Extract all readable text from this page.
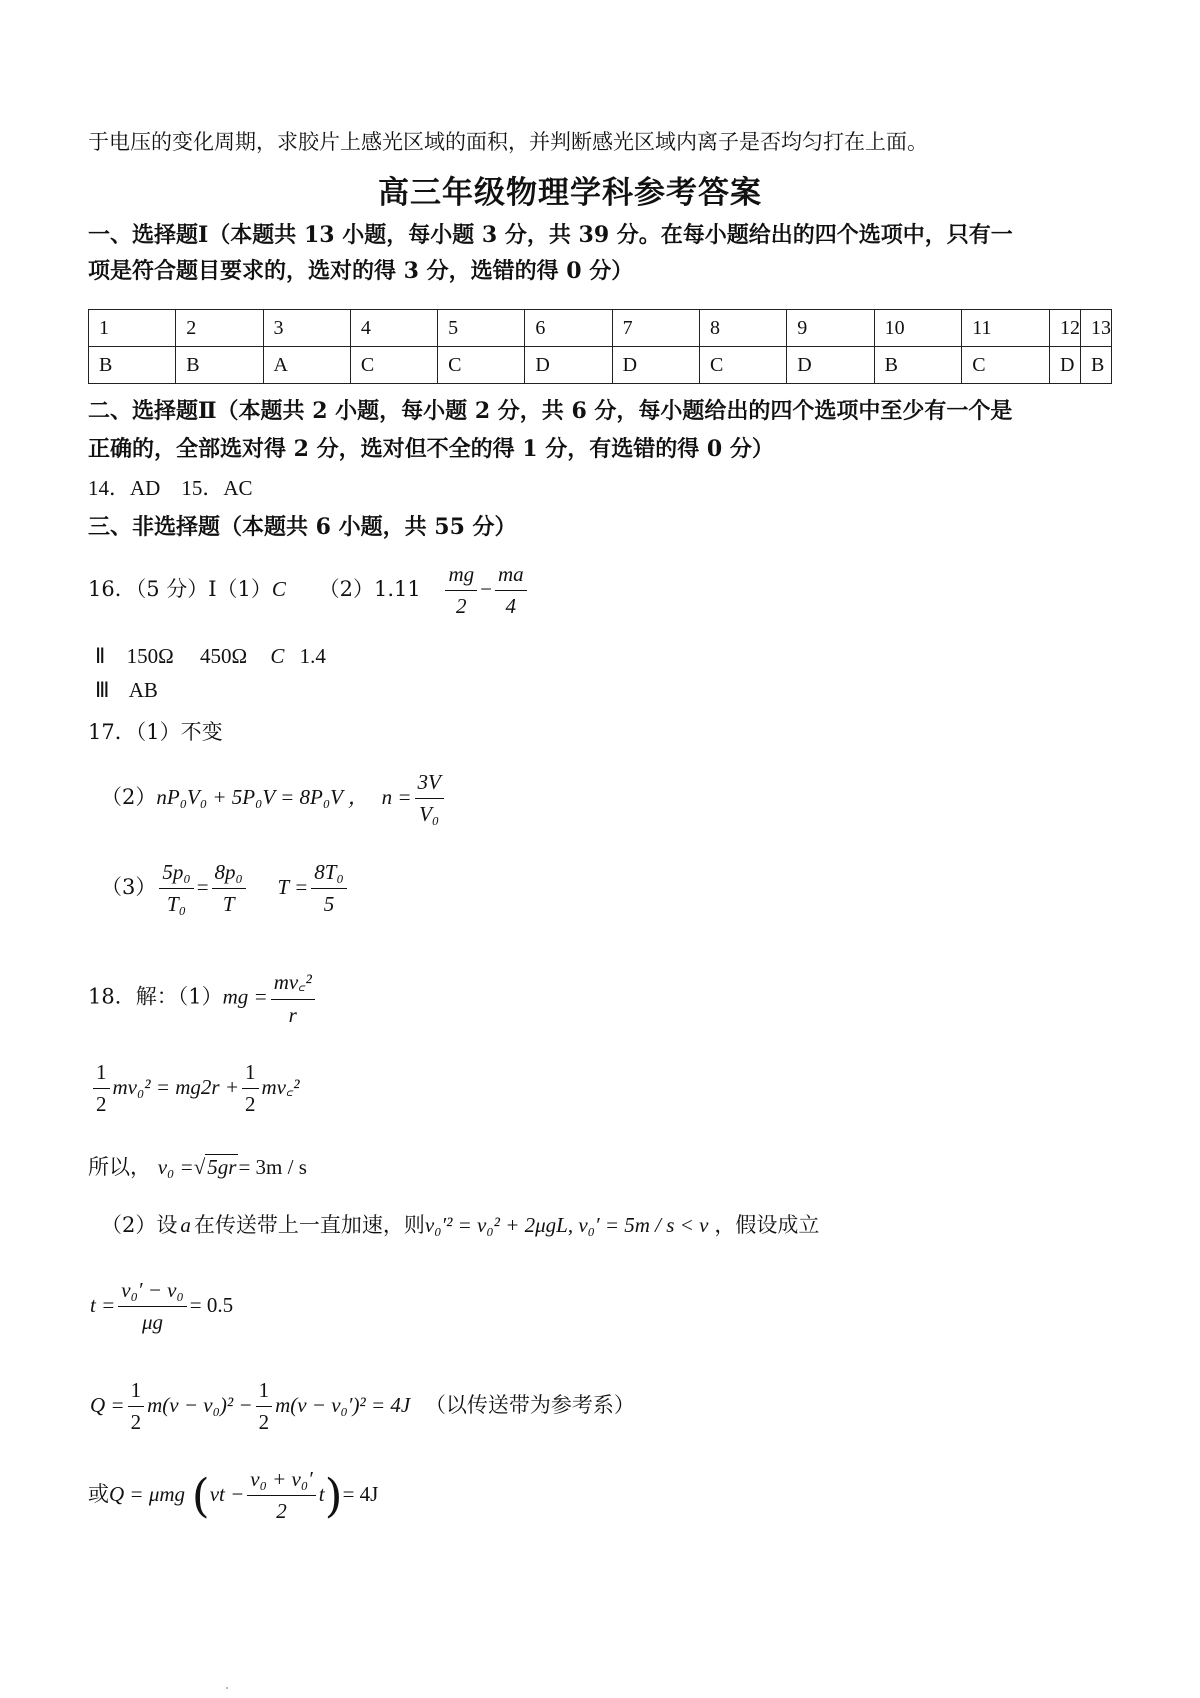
于电压的变化周期，求胶片上感光区域的面积，并判断感光区域内离子是否均匀打在上面。
高三年级物理学科参考答案
一、选择题Ⅰ（本题共 13 小题，每小题 3 分，共 39 分。在每小题给出的四个选项中，只有一
项是符合题目要求的，选对的得 3 分，选错的得 0 分）
1	2	3	4	5	6	7	8	9	10	11	12	13
B	B	A	C	C	D	D	C	D	B	C	D	B
二、选择题Ⅱ（本题共 2 小题，每小题 2 分，共 6 分，每小题给出的四个选项中至少有一个是
正确的，全部选对得 2 分，选对但不全的得 1 分，有选错的得 0 分）
14．AD　15．AC
三、非选择题（本题共 6 小题，共 55 分）
16．（5 分）Ⅰ（1）C $(2)1.11 \frac{mg}{2} - \frac{ma}{4}$
Ⅱ 150Ω　 450Ω C 1.4
Ⅲ AB
17．（1）不变
（2）nP₀V₀ + 5P₀V = 8P₀V ， $n = \frac{3V}{\text{V₀}}$
$(3) \frac{\text{5p₀}}{\text{T₀}} = \frac{\text{8p₀}}{T}$ $T = \frac{\text{8T₀}}{5}$
18．解：$(1)mg = \frac{\text{mv꜀²}}{r}$
$\frac{1}{2} mv_0^2 = mg2r + \frac{1}{2}$ mv꜀²
所以， v₀ =√5gr= 3m / s
（2）设 a 在传送带上一直加速，则v₀′² = v₀² + 2μgL, v₀′ = 5m / s < v ，假设成立
$t = \frac{\text{v₀′ − v₀}}{\mu g} = 0.5$
$Q = \frac{1}{2} m(v - v_0)^2 - \frac{1}{2} m(v - v_0')^2 = 4J$ （以传送带为参考系）
或Q = μmg $(vt - \frac{\text{v₀ + v₀′}}{2} t)= 4J$
